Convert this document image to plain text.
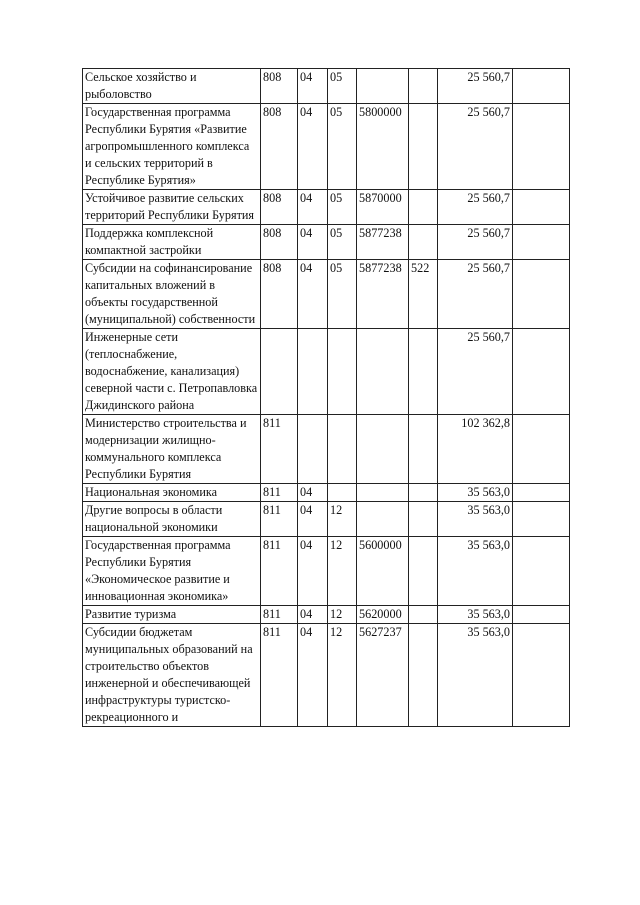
Сельское хозяйство и рыболовство	808	04	05			25 560,7	
Государственная программа Республики Бурятия «Развитие агропромышленного комплекса и сельских территорий в Республике Бурятия»	808	04	05	5800000		25 560,7	
Устойчивое развитие сельских территорий Республики Бурятия	808	04	05	5870000		25 560,7	
Поддержка комплексной компактной застройки	808	04	05	5877238		25 560,7	
Субсидии на софинансирование капитальных вложений в объекты государственной (муниципальной) собственности	808	04	05	5877238	522	25 560,7	
Инженерные сети (теплоснабжение, водоснабжение, канализация) северной части с. Петропавловка Джидинского района						25 560,7	
Министерство строительства и модернизации жилищно-коммунального комплекса Республики Бурятия	811					102 362,8	
Национальная экономика	811	04				35 563,0	
Другие вопросы в области национальной экономики	811	04	12			35 563,0	
Государственная программа Республики Бурятия «Экономическое развитие и инновационная экономика»	811	04	12	5600000		35 563,0	
Развитие туризма	811	04	12	5620000		35 563,0	
Субсидии бюджетам муниципальных образований на строительство объектов инженерной и обеспечивающей инфраструктуры туристско-рекреационного и	811	04	12	5627237		35 563,0	
